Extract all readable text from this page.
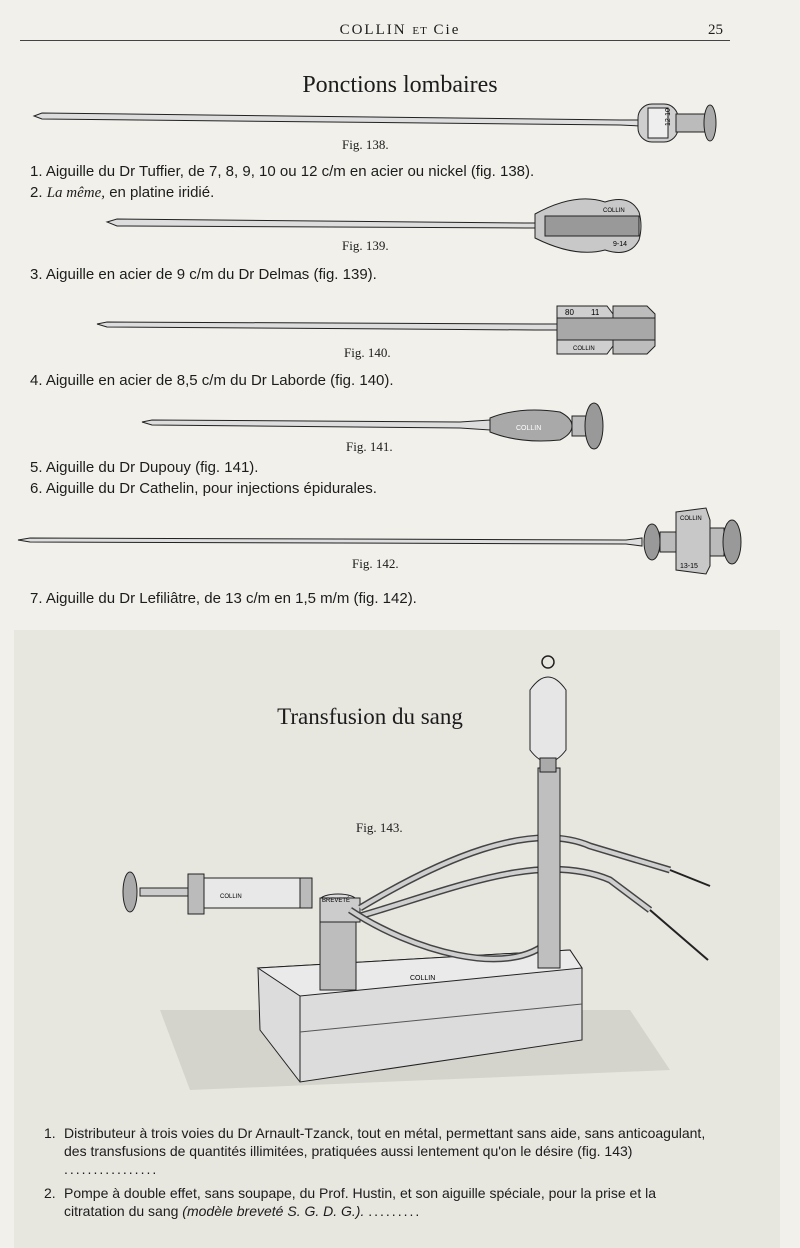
COLLIN ET Cie	25
Ponctions lombaires
12-10
Fig. 138.
1. Aiguille du Dr Tuffier, de 7, 8, 9, 10 ou 12 c/m en acier ou nickel (fig. 138).
2. La même, en platine iridié.
COLLIN
9-14
Fig. 139.
3. Aiguille en acier de 9 c/m du Dr Delmas (fig. 139).
80 11
COLLIN
Fig. 140.
4. Aiguille en acier de 8,5 c/m du Dr Laborde (fig. 140).
COLLIN
Fig. 141.
5. Aiguille du Dr Dupouy (fig. 141).
6. Aiguille du Dr Cathelin, pour injections épidurales.
COLLIN
13-15
Fig. 142.
7. Aiguille du Dr Lefiliâtre, de 13 c/m en 1,5 m/m (fig. 142).
Transfusion du sang
Fig. 143.
COLLIN
BREVETÉ
COLLIN
1. Distributeur à trois voies du Dr Arnault-Tzanck, tout en métal, permettant sans aide, sans anticoagulant, des transfusions de quantités illimitées, pratiquées aussi lentement qu'on le désire (fig. 143) ................
2. Pompe à double effet, sans soupape, du Prof. Hustin, et son aiguille spéciale, pour la prise et la citratation du sang (modèle breveté S. G. D. G.). .........
